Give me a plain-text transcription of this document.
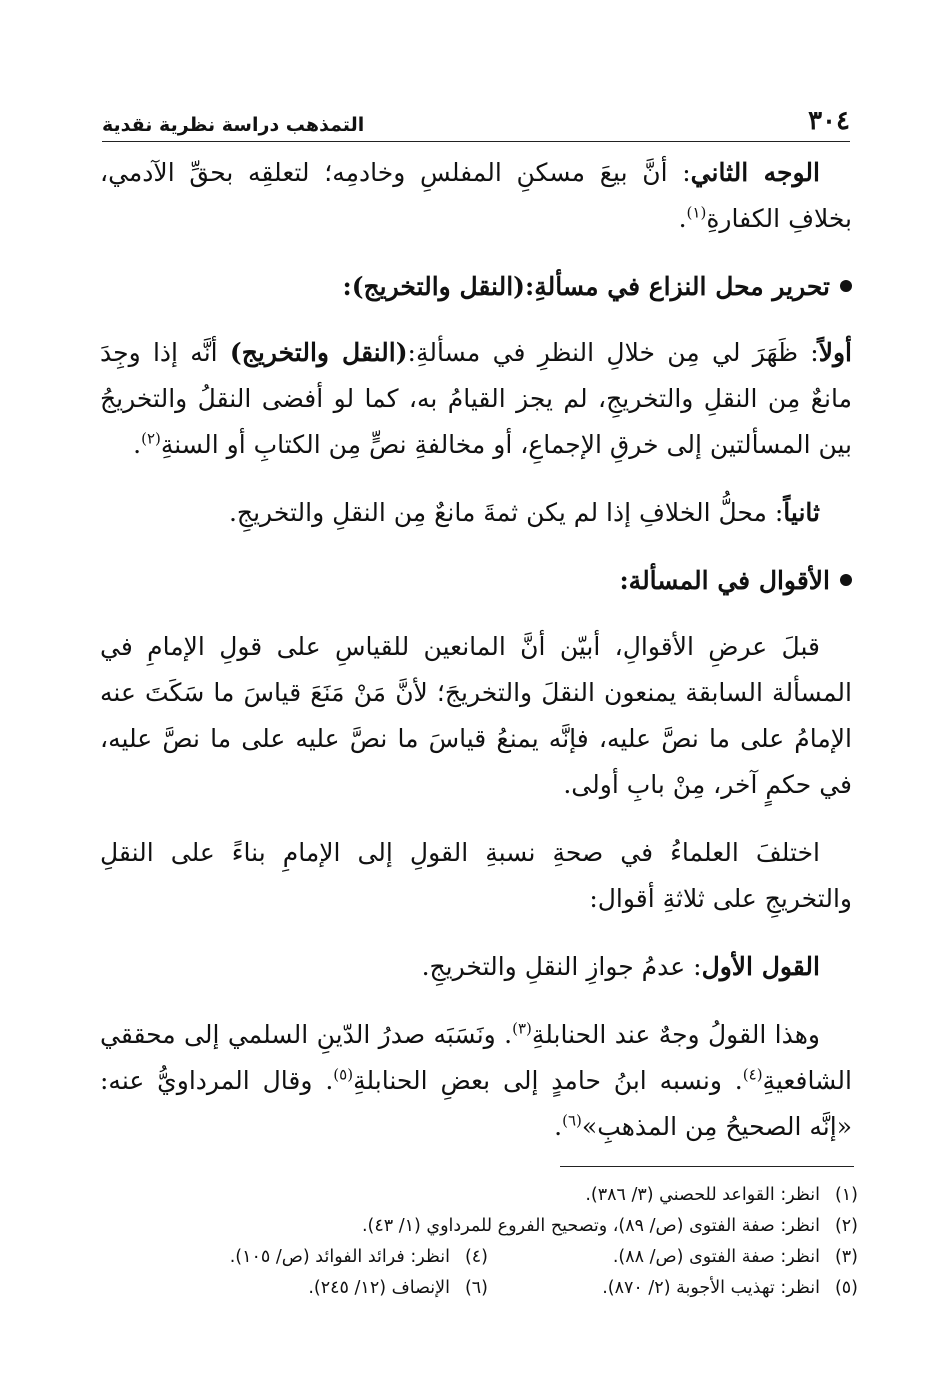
٣٠٤
التمذهب دراسة نظرية نقدية

الوجه الثاني: أنَّ بيعَ مسكنِ المفلسِ وخادمِه؛ لتعلقِه بحقِّ الآدمي، بخلافِ الكفارةِ$^{(١)}$.

تحرير محل النزاع في مسألةِ:(النقل والتخريج):

أولاً: ظَهَرَ لي مِن خلالِ النظرِ في مسألةِ:(النقل والتخريج) أنَّه إذا وجِدَ مانعٌ مِن النقلِ والتخريجِ، لم يجز القيامُ به، كما لو أفضى النقلُ والتخريجُ بين المسألتين إلى خرقِ الإجماعِ، أو مخالفةِ نصٍّ مِن الكتابِ أو السنةِ$^{(٢)}$.

ثانياً: محلُّ الخلافِ إذا لم يكن ثمةَ مانعٌ مِن النقلِ والتخريجِ.

الأقوال في المسألة:

قبلَ عرضِ الأقوالِ، أبيّن أنَّ المانعين للقياسِ على قولِ الإمامِ في المسألة السابقة يمنعون النقلَ والتخريجَ؛ لأنَّ مَنْ مَنَعَ قياسَ ما سَكَتَ عنه الإمامُ على ما نصَّ عليه، فإنَّه يمنعُ قياسَ ما نصَّ عليه على ما نصَّ عليه، في حكمٍ آخر، مِنْ بابِ أولى.

اختلفَ العلماءُ في صحةِ نسبةِ القولِ إلى الإمامِ بناءً على النقلِ والتخريجِ على ثلاثةِ أقوال:

القول الأول: عدمُ جوازِ النقلِ والتخريجِ.

وهذا القولُ وجهٌ عند الحنابلةِ$^{(٣)}$. ونَسَبَه صدرُ الدّينِ السلمي إلى محققي الشافعيةِ$^{(٤)}$. ونسبه ابنُ حامدٍ إلى بعضِ الحنابلةِ$^{(٥)}$. وقال المرداويُّ عنه: «إنَّه الصحيحُ مِن المذهبِ»$^{(٦)}$.

(١)انظر: القواعد للحصني (٣/ ٣٨٦).
(٢)انظر: صفة الفتوى (ص/ ٨٩)، وتصحيح الفروع للمرداوي (١/ ٤٣).
(٣)انظر: صفة الفتوى (ص/ ٨٨).
(٤)انظر: فرائد الفوائد (ص/ ١٠٥).
(٥)انظر: تهذيب الأجوبة (٢/ ٨٧٠).
(٦)الإنصاف (١٢/ ٢٤٥).
